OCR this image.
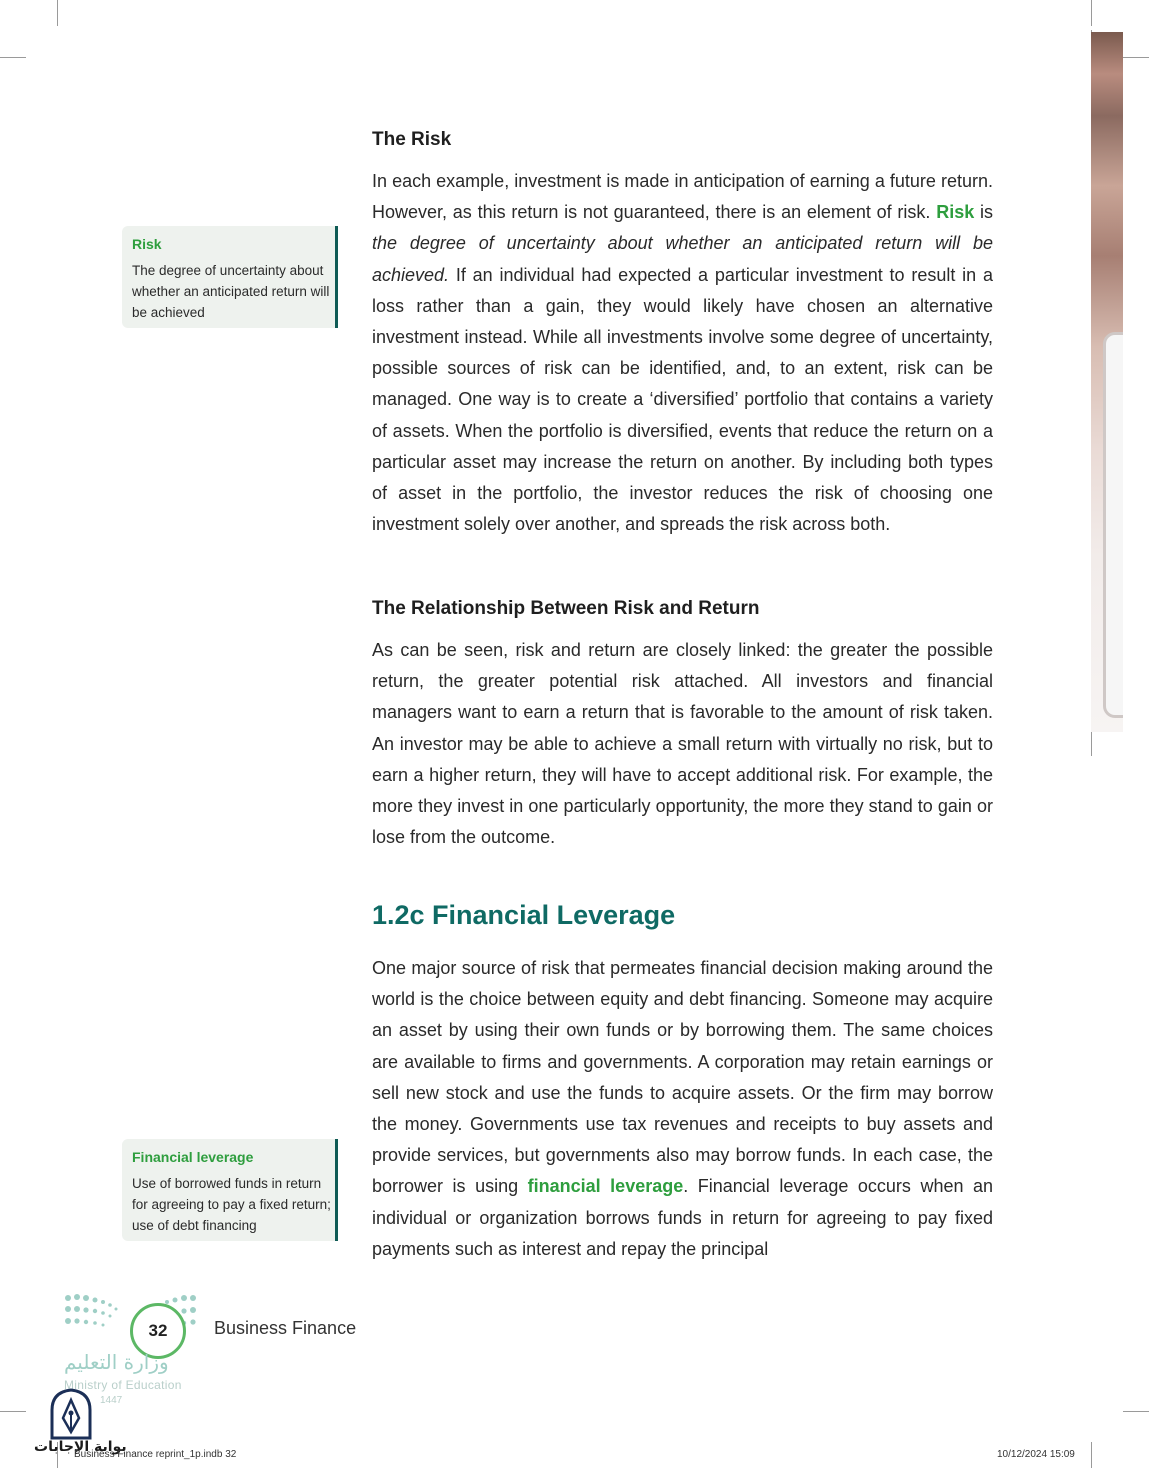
The Risk
In each example, investment is made in anticipation of earning a future return. However, as this return is not guaranteed, there is an element of risk. Risk is the degree of uncertainty about whether an anticipated return will be achieved. If an individual had expected a particular investment to result in a loss rather than a gain, they would likely have chosen an alternative investment instead. While all investments involve some degree of uncertainty, possible sources of risk can be identified, and, to an extent, risk can be managed. One way is to create a ‘diversified’ portfolio that contains a variety of assets. When the portfolio is diversified, events that reduce the return on a particular asset may increase the return on another. By including both types of asset in the portfolio, the investor reduces the risk of choosing one investment solely over another, and spreads the risk across both.
Risk
The degree of uncertainty about whether an anticipated return will be achieved
The Relationship Between Risk and Return
As can be seen, risk and return are closely linked: the greater the possible return, the greater potential risk attached. All investors and financial managers want to earn a return that is favorable to the amount of risk taken. An investor may be able to achieve a small return with virtually no risk, but to earn a higher return, they will have to accept additional risk. For example, the more they invest in one particularly opportunity, the more they stand to gain or lose from the outcome.
1.2c Financial Leverage
One major source of risk that permeates financial decision making around the world is the choice between equity and debt financing. Someone may acquire an asset by using their own funds or by borrowing them. The same choices are available to firms and governments. A corporation may retain earnings or sell new stock and use the funds to acquire assets. Or the firm may borrow the money. Governments use tax revenues and receipts to buy assets and provide services, but governments also may borrow funds. In each case, the borrower is using financial leverage. Financial leverage occurs when an individual or organization borrows funds in return for agreeing to pay fixed payments such as interest and repay the principal
Financial leverage
Use of borrowed funds in return for agreeing to pay a fixed return; use of debt financing
32	Business Finance
وزارة التعليم
Ministry of Education
1447
بوابة الإجابات
Business Finance reprint_1p.indb 32	10/12/2024 15:09
